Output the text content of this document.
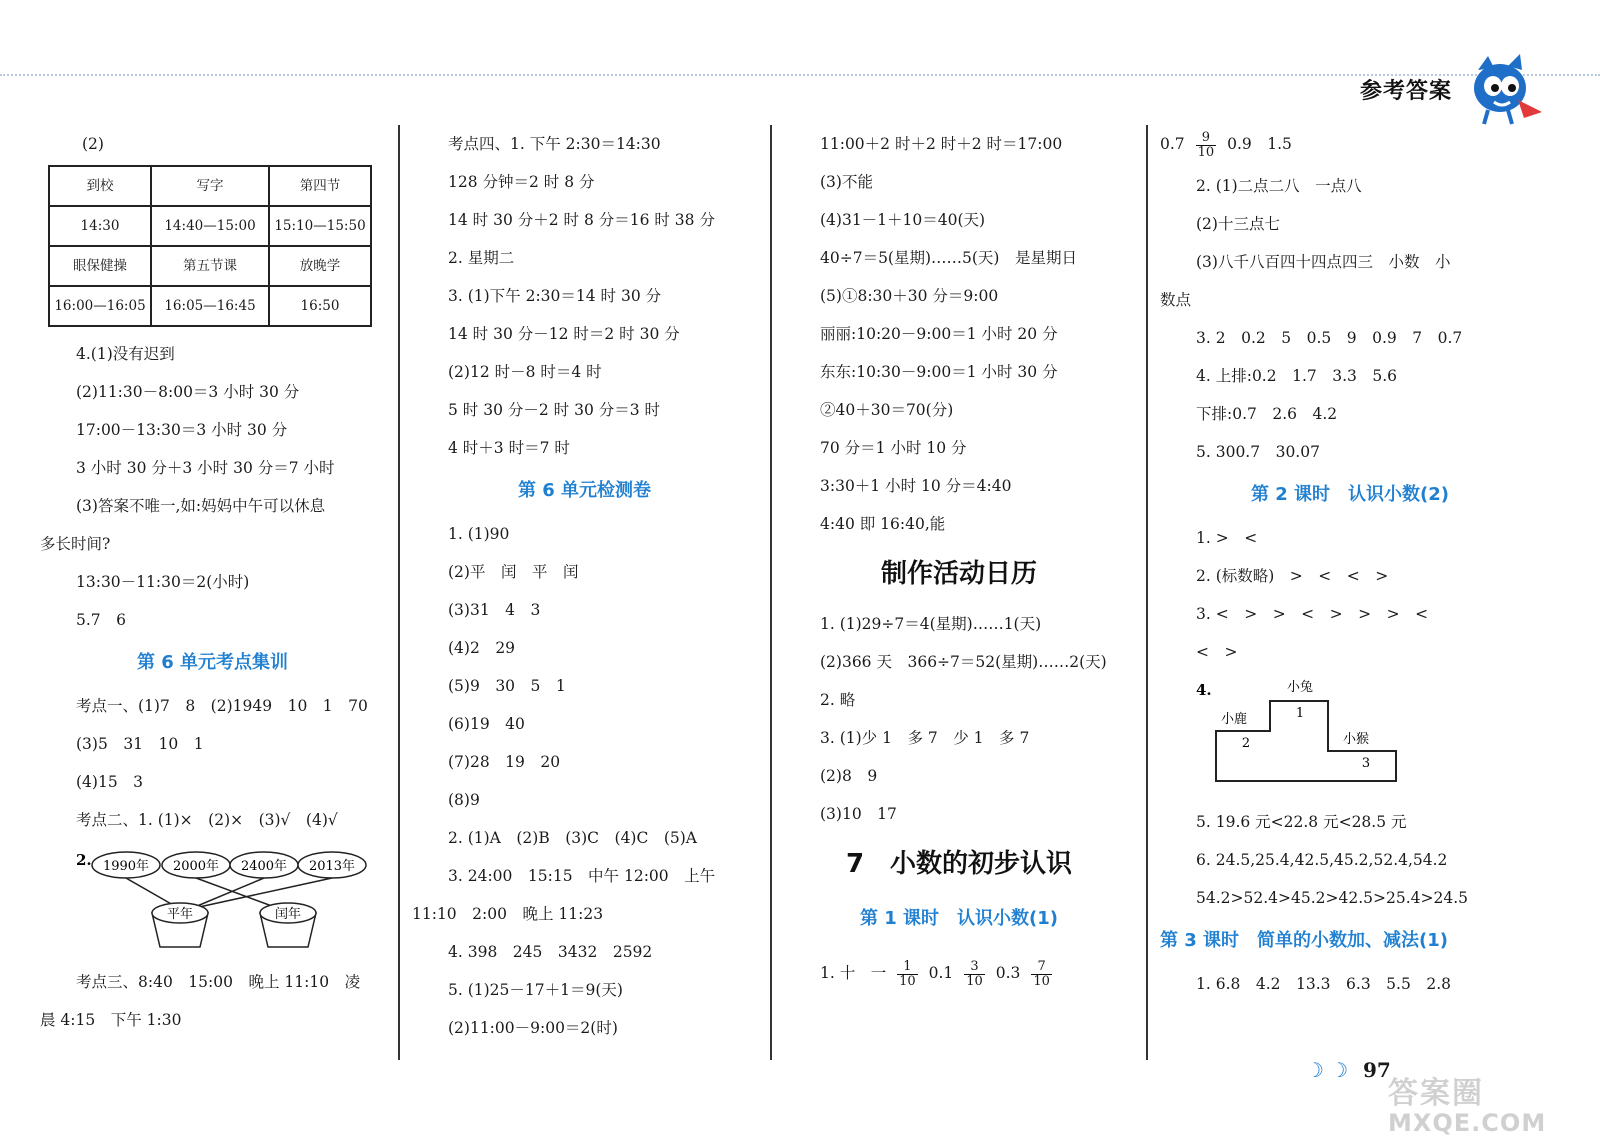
参考答案
(2)
到校	写字	第四节
14:30	14:40—15:00	15:10—15:50
眼保健操	第五节课	放晚学
16:00—16:05	16:05—16:45	16:50
4.(1)没有迟到
(2)11:30－8:00＝3 小时 30 分
17:00－13:30＝3 小时 30 分
3 小时 30 分＋3 小时 30 分＝7 小时
(3)答案不唯一,如:妈妈中午可以休息
多长时间?
13:30－11:30＝2(小时)
5.7　6
第 6 单元考点集训
考点一、(1)7　8　(2)1949　10　1　70
(3)5　31　10　1
(4)15　3
考点二、1. (1)×　(2)×　(3)√　(4)√
2. 1990年 2000年 2400年 2013年
平年	闰年
考点三、8:40　15:00　晚上 11:10　凌
晨 4:15　下午 1:30
考点四、1. 下午 2:30＝14:30
128 分钟＝2 时 8 分
14 时 30 分＋2 时 8 分＝16 时 38 分
2. 星期二
3. (1)下午 2:30＝14 时 30 分
14 时 30 分－12 时＝2 时 30 分
(2)12 时－8 时＝4 时
5 时 30 分－2 时 30 分＝3 时
4 时＋3 时＝7 时
第 6 单元检测卷
1. (1)90
(2)平　闰　平　闰
(3)31　4　3
(4)2　29
(5)9　30　5　1
(6)19　40
(7)28　19　20
(8)9
2. (1)A　(2)B　(3)C　(4)C　(5)A
3. 24:00　15:15　中午 12:00　上午
11:10　2:00　晚上 11:23
4. 398　245　3432　2592
5. (1)25－17＋1＝9(天)
(2)11:00－9:00＝2(时)
11:00＋2 时＋2 时＋2 时＝17:00
(3)不能
(4)31－1＋10＝40(天)
40÷7＝5(星期)……5(天)　是星期日
(5)①8:30＋30 分＝9:00
丽丽:10:20－9:00＝1 小时 20 分
东东:10:30－9:00＝1 小时 30 分
②40＋30＝70(分)
70 分＝1 小时 10 分
3:30＋1 小时 10 分＝4:40
4:40 即 16:40,能
制作活动日历
1. (1)29÷7＝4(星期)……1(天)
(2)366 天　366÷7＝52(星期)……2(天)
2. 略
3. (1)少 1　多 7　少 1　多 7
(2)8　9
(3)10　17
7　小数的初步认识
第 1 课时　认识小数(1)
1. 十　一 $\frac{1}{10} 0.1 \frac{3}{10} 0.3 \frac{7}{10}$
$0.7 \frac{9}{10} 0.9$　1.5
2. (1)二点二八　一点八
(2)十三点七
(3)八千八百四十四点四三　小数　小
数点
3. 2　0.2　5　0.5　9　0.9　7　0.7
4. 上排:0.2　1.7　3.3　5.6
下排:0.7　2.6　4.2
5. 300.7　30.07
第 2 课时　认识小数(2)
1. >　<
2. (标数略)　>　<　<　>
3. <　>　>　<　>　>　>　<
<　>
4.	小兔
1
小鹿
2	小猴
3
5. 19.6 元<22.8 元<28.5 元
6. 24.5,25.4,42.5,45.2,52.4,54.2
54.2>52.4>45.2>42.5>25.4>24.5
第 3 课时　简单的小数加、减法(1)
1. 6.8　4.2　13.3　6.3　5.5　2.8
☽ ☽ 97
答案圈
MXQE.COM
